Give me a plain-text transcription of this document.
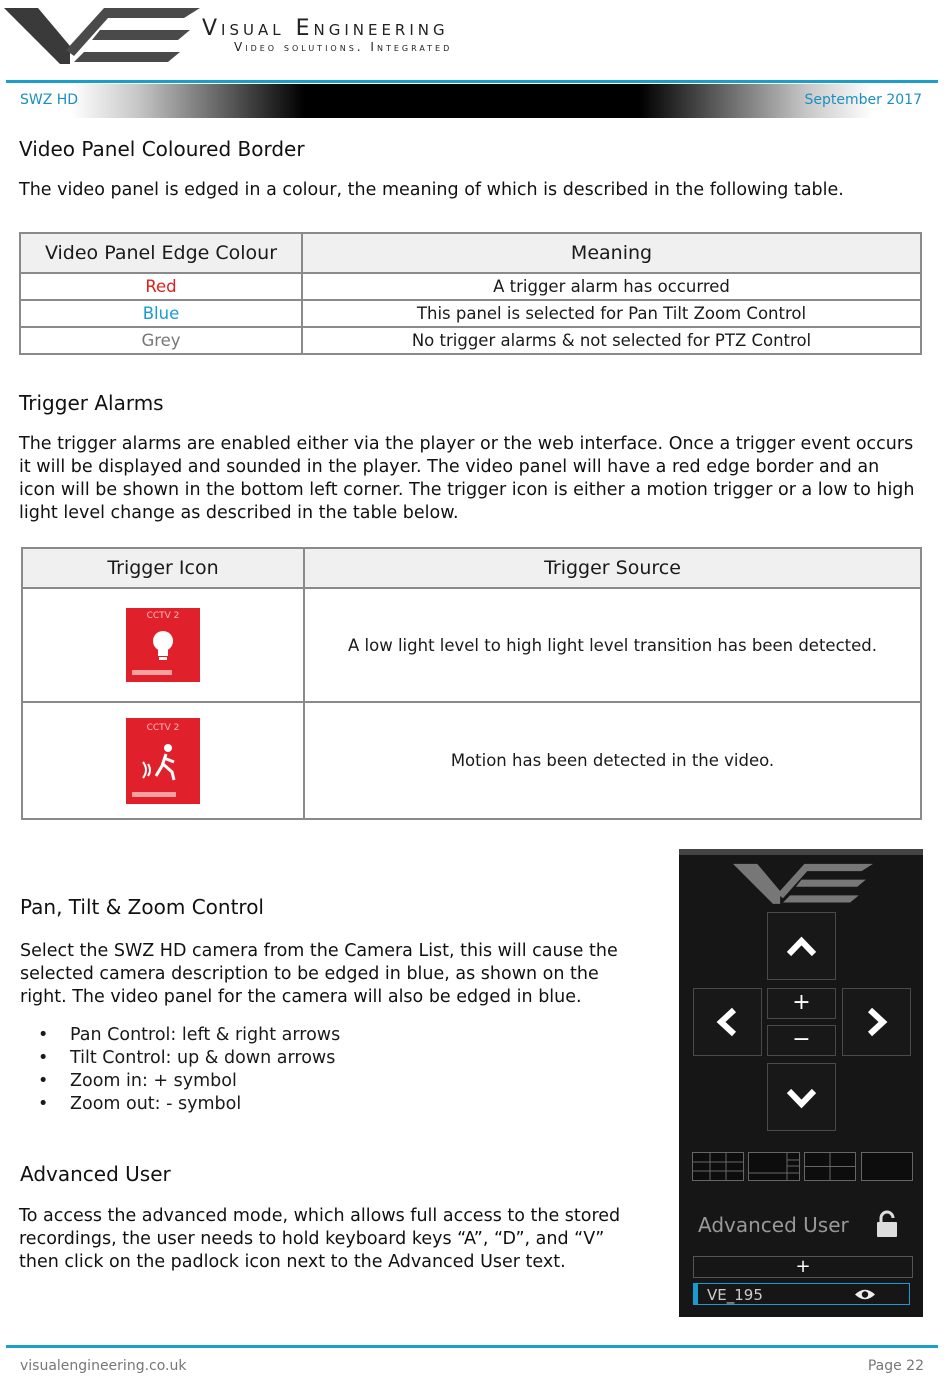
Visual Engineering
Video solutions. Integrated
SWZ HD	September 2017
Video Panel Coloured Border

The video panel is edged in a colour, the meaning of which is described in the following table.

Video Panel Edge Colour	Meaning
Red	A trigger alarm has occurred
Blue	This panel is selected for Pan Tilt Zoom Control
Grey	No trigger alarms & not selected for PTZ Control
Trigger Alarms

The trigger alarms are enabled either via the player or the web interface. Once a trigger event occurs it will be displayed and sounded in the player. The video panel will have a red edge border and an icon will be shown in the bottom left corner. The trigger icon is either a motion trigger or a low to high light level change as described in the table below.

Trigger Icon	Trigger Source

CCTV 2	A low light level to high light level transition has been detected.

CCTV 2	Motion has been detected in the video.
Pan, Tilt & Zoom Control

Select the SWZ HD camera from the Camera List, this will cause the selected camera description to be edged in blue, as shown on the right. The video panel for the camera will also be edged in blue.

• Pan Control: left & right arrows
• Tilt Control: up & down arrows
• Zoom in: + symbol
• Zoom out: - symbol
Advanced User

To access the advanced mode, which allows full access to the stored recordings, the user needs to hold keyboard keys “A”, “D”, and “V” then click on the padlock icon next to the Advanced User text.

+
−
Advanced User
+
VE_195
visualengineering.co.uk	Page 22
